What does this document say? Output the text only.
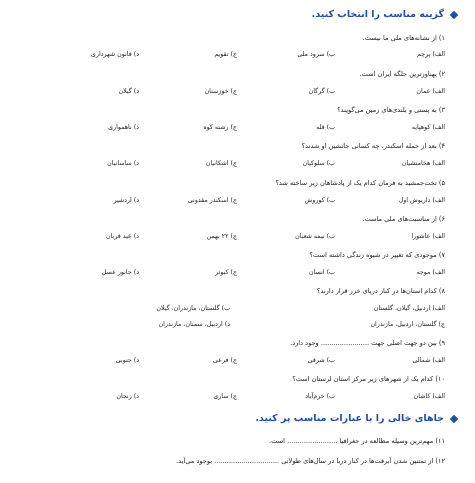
گزینه مناسب را انتخاب کنید.
۱) از نشانه‌های ملی ما نیست.
الف) پرچم
ب) سرود ملی
ج) تقویم
د) قانون شهرداری
۲) پهناورترین جلگه ایران است.
الف) عمان
ب) گرگان
ج) خوزستان
د) گیلان
۳) به پستی و بلندی‌های زمین می‌گویند؟
الف) کوهپایه
ب) قله
ج) رشته کوه
د) ناهمواری
۴) بعد از حمله اسکندر، چه کسانی جانشین او شدند؟
الف) هخامنشیان
ب) سلوکیان
ج) اشکانیان
د) ساسانیان
۵) تخت‌جمشید به فرمان کدام یک از پادشاهان زیر ساخته شد؟
الف) داریوش اول
ب) کوروش
ج) اسکندر مقدونی
د) اردشیر
۶) از مناسبت‌های ملی ماست.
الف) عاشورا
ب) نیمه شعبان
ج) ۲۲ بهمن
د) عید قربان
۷) موجودی که تغییر در شیوه زندگی داشته است؟
الف) موجه
ب) انسان
ج) کبوتر
د) جانور عسل
۸) کدام استان‌ها در کنار دریای خزر قرار دارند؟
الف) اردبیل، گیلان، گلستان
ب) گلستان، مازندران، گیلان
ج) گلستان، اردبیل، مازندران
د) اردبیل، سمنان، مازندران
۹) بین دو جهت اصلی جهت ....................... وجود دارد.
الف) شمالی
ب) شرقی
ج) فرعی
د) جنوبی
۱۰) کدام یک از شهرهای زیر مرکز استان لرستان است؟
الف) کاشان
ب) خرم‌آباد
ج) ساری
د) زنجان
جاهای خالی را با عبارات مناسب پر کنید.
۱۱) مهم‌ترین وسیله مطالعه در جغرافیا ........................ است.
۱۲) از تمتنین شدن آبرفت‌ها در کنار دریا در سال‌های طولانی ............................... بوجود می‌آید.
